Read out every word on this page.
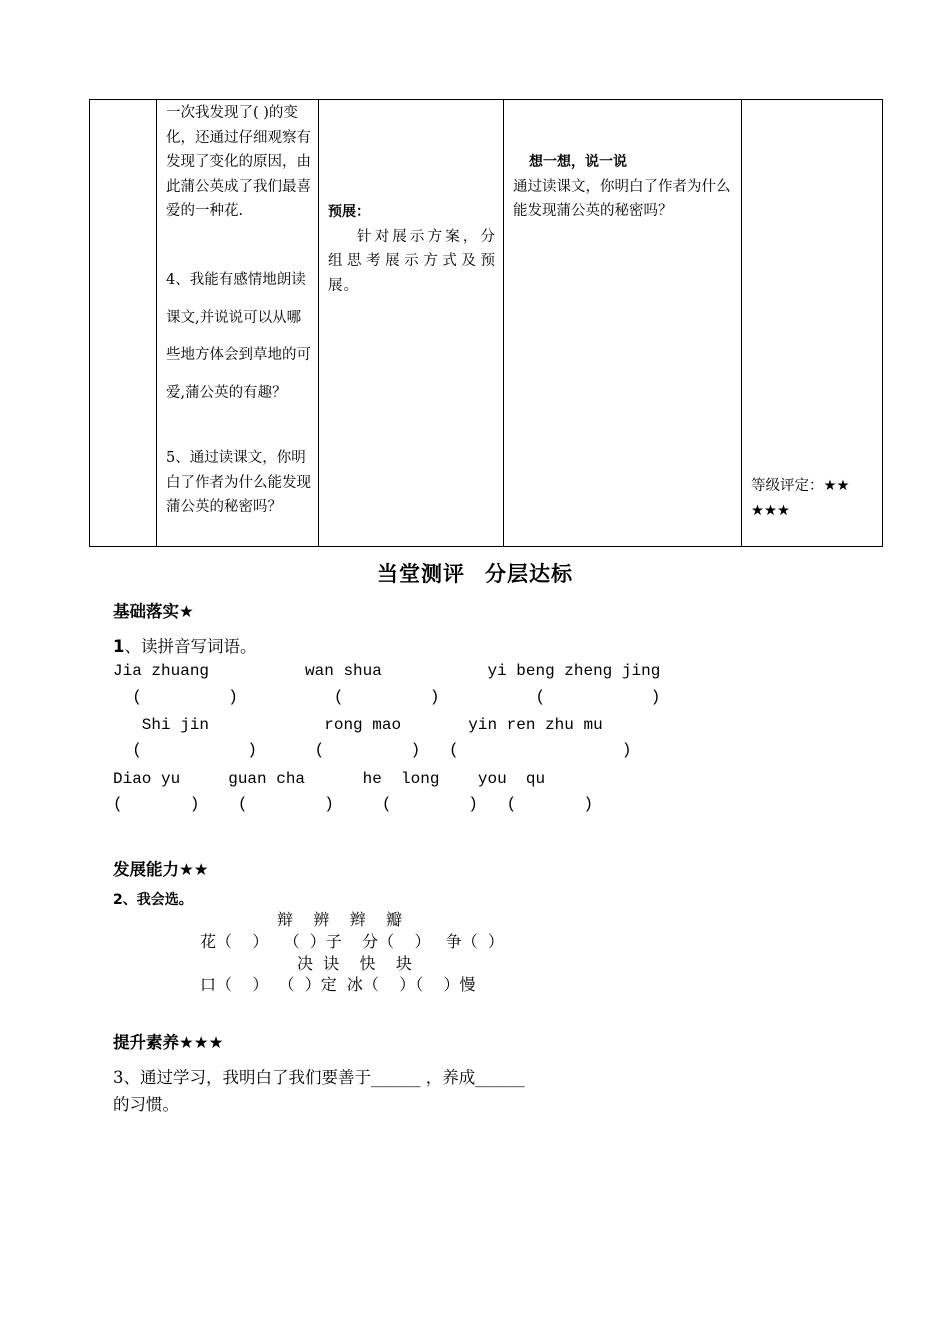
一次我发现了( )的变化，还通过仔细观察有发现了变化的原因，由此蒲公英成了我们最喜爱的一种花.
4、我能有感情地朗读课文,并说说可以从哪些地方体会到草地的可爱,蒲公英的有趣？
5、通过读课文，你明白了作者为什么能发现蒲公英的秘密吗？
预展：
针对展示方案，分组思考展示方式及预展。
想一想，说一说
通过读课文，你明白了作者为什么能发现蒲公英的秘密吗？
等级评定：★★
★★★
当堂测评 分层达标
基础落实★
1、读拼音写词语。
Jia zhuang          wan shua           yi beng zheng jing
(         )          (         )          (           )
Shi jin            rong mao       yin ren zhu mu
(           )      (         )   (                 )
Diao yu     guan cha      he  long    you  qu
(       )    (        )     (        )   (       )
发展能力★★
2、我会选。
辩    辨    辫    瓣
花（    ）   （  ）子    分（    ）   争（  ）
决  诀    快    块
口（    ）  （  ）定  冰（    ）（    ）慢
提升素养★★★
3、通过学习，我明白了我们要善于______ ，养成______
的习惯。
